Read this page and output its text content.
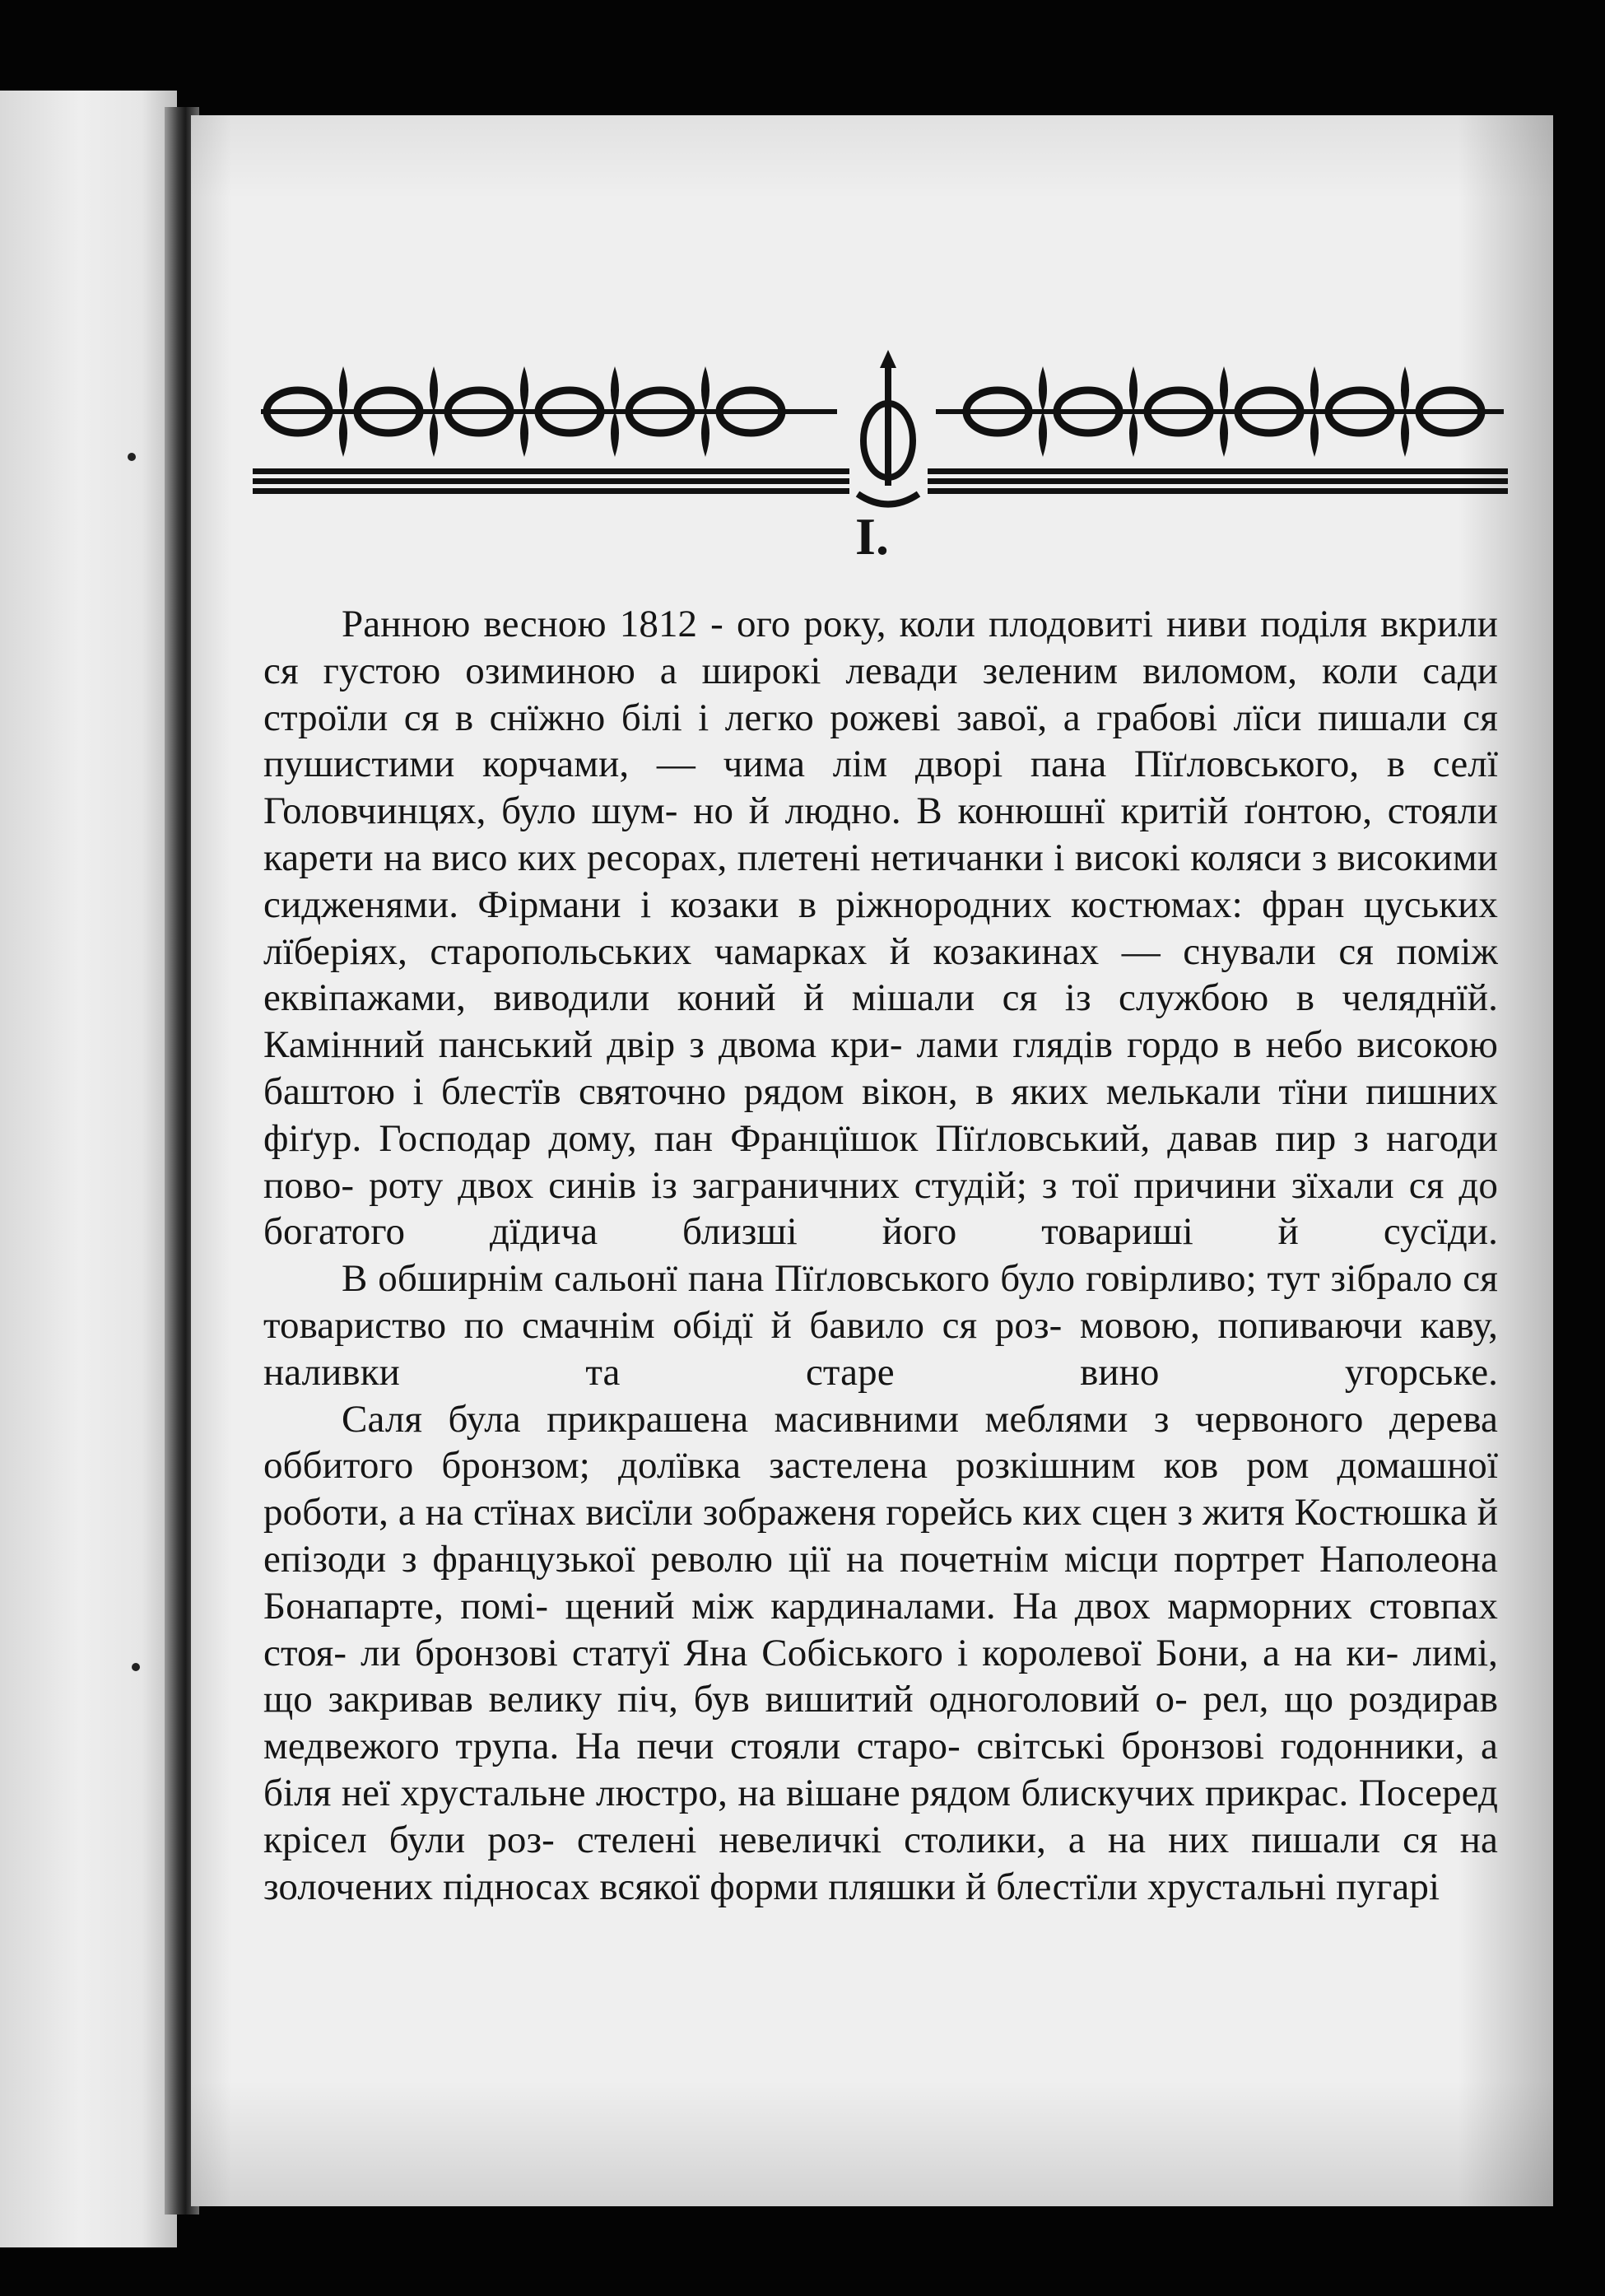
I.

Ранною весною 1812 - ого року, коли плодовиті ниви поділя вкрили ся густою озиминою а широкі левади зеленим виломом, коли сади строїли ся в снїжно білі і легко рожеві завої, а грабові лїси пишали ся пушистими корчами, — чима лім дворі пана Пїґловського, в селї Головчинцях, було шум- но й людно. В конюшнї критій ґонтою, стояли карети на висо ких ресорах, плетені нетичанки і високі коляси з високими сидженями. Фірмани і козаки в ріжнородних костюмах: фран цуських лїберіях, старопольських чамарках й козакинах — снували ся поміж еквіпажами, виводили коний й мішали ся із службою в челяднїй. Камінний панський двір з двома кри- лами глядів гордо в небо високою баштою і блестїв святочно рядом вікон, в яких мелькали тїни пишних фіґур. Господар дому, пан Францїшок Пїґловський, давав пир з нагоди пово- роту двох синів із заграничних студій; з тої причини зїхали ся до богатого дїдича близші його товариші й сусїди.

В обширнім сальонї пана Пїґловського було говірливо; тут зібрало ся товариство по смачнім обідї й бавило ся роз- мовою, попиваючи каву, наливки та старе вино угорське.

Саля була прикрашена масивними меблями з червоного дерева оббитого бронзом; долївка застелена розкішним ков ром домашної роботи, а на стїнах висїли зображеня горейсь ких сцен з житя Костюшка й епізоди з французької револю ції на почетнім місци портрет Наполеона Бонапарте, помі- щений між кардиналами. На двох марморних стовпах стоя- ли бронзові статуї Яна Собіського і королевої Бони, а на ки- лимі, що закривав велику піч, був вишитий одноголовий о- рел, що роздирав медвежого трупа. На печи стояли старо- світські бронзові годонники, а біля неї хрустальне люстро, на вішане рядом блискучих прикрас. Посеред крісел були роз- стелені невеличкі столики, а на них пишали ся на золочених підносах всякої форми пляшки й блестїли хрустальні пугарі
